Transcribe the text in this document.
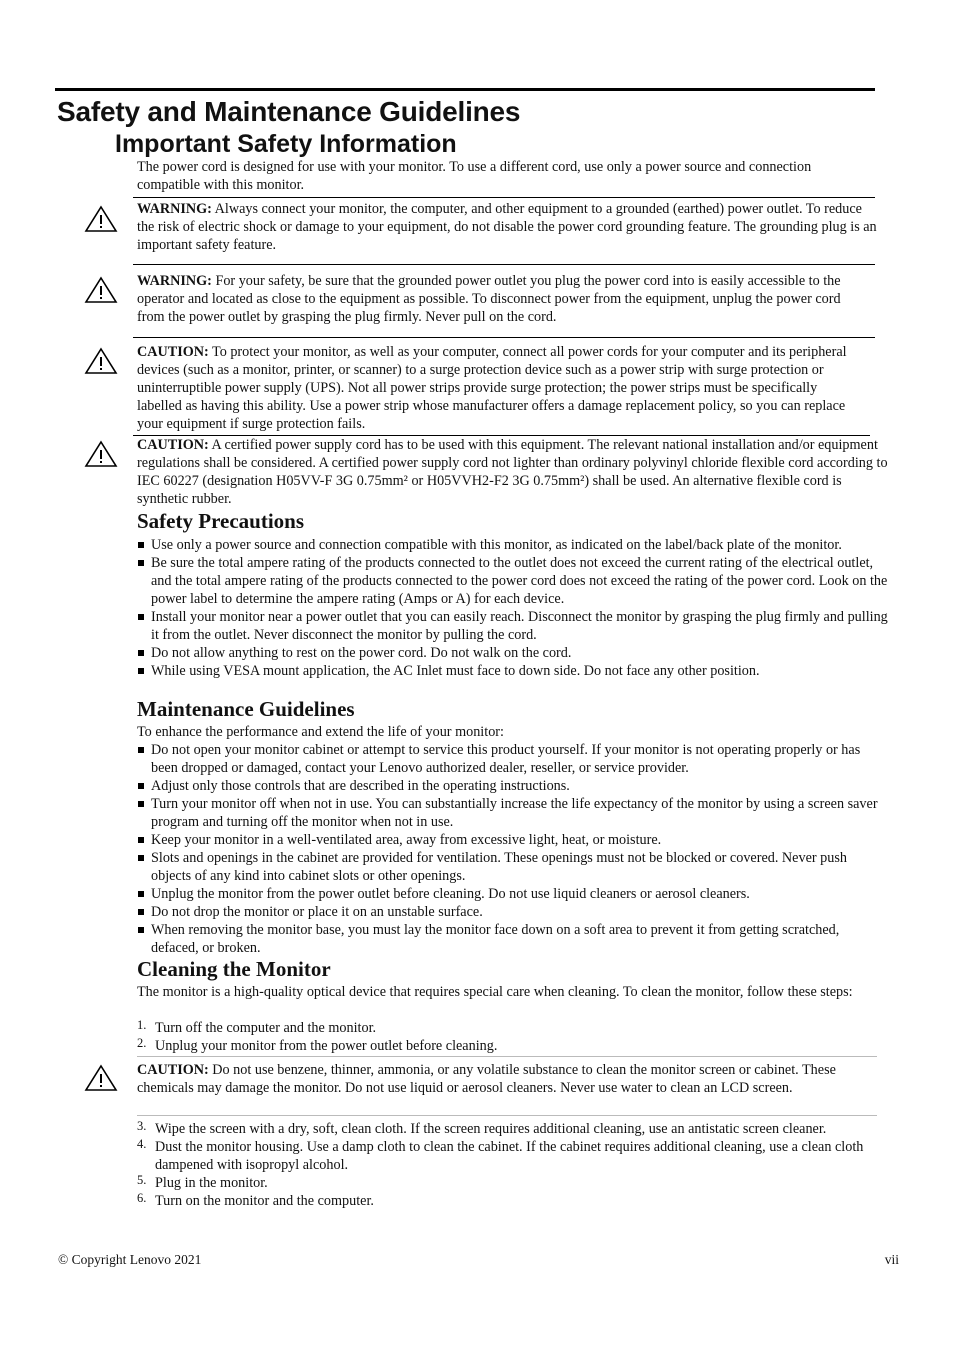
Safety and Maintenance Guidelines
Important Safety Information
The power cord is designed for use with your monitor. To use a different cord, use only a power source and connection compatible with this monitor.
WARNING: Always connect your monitor, the computer, and other equipment to a grounded (earthed) power outlet. To reduce the risk of electric shock or damage to your equipment, do not disable the power cord grounding feature. The grounding plug is an important safety feature.
WARNING: For your safety, be sure that the grounded power outlet you plug the power cord into is easily accessible to the operator and located as close to the equipment as possible. To disconnect power from the equipment, unplug the power cord from the power outlet by grasping the plug firmly. Never pull on the cord.
CAUTION: To protect your monitor, as well as your computer, connect all power cords for your computer and its peripheral devices (such as a monitor, printer, or scanner) to a surge protection device such as a power strip with surge protection or uninterruptible power supply (UPS). Not all power strips provide surge protection; the power strips must be specifically labelled as having this ability. Use a power strip whose manufacturer offers a damage replacement policy, so you can replace your equipment if surge protection fails.
CAUTION: A certified power supply cord has to be used with this equipment. The relevant national installation and/or equipment regulations shall be considered. A certified power supply cord not lighter than ordinary polyvinyl chloride flexible cord according to IEC 60227 (designation H05VV-F 3G 0.75mm² or H05VVH2-F2 3G 0.75mm²) shall be used. An alternative flexible cord is synthetic rubber.
Safety Precautions
Use only a power source and connection compatible with this monitor, as indicated on the label/back plate of the monitor.
Be sure the total ampere rating of the products connected to the outlet does not exceed the current rating of the electrical outlet, and the total ampere rating of the products connected to the power cord does not exceed the rating of the power cord. Look on the power label to determine the ampere rating (Amps or A) for each device.
Install your monitor near a power outlet that you can easily reach. Disconnect the monitor by grasping the plug firmly and pulling it from the outlet. Never disconnect the monitor by pulling the cord.
Do not allow anything to rest on the power cord. Do not walk on the cord.
While using VESA mount application, the AC Inlet must face to down side. Do not face any other position.
Maintenance Guidelines
To enhance the performance and extend the life of your monitor:
Do not open your monitor cabinet or attempt to service this product yourself. If your monitor is not operating properly or has been dropped or damaged, contact your Lenovo authorized dealer, reseller, or service provider.
Adjust only those controls that are described in the operating instructions.
Turn your monitor off when not in use. You can substantially increase the life expectancy of the monitor by using a screen saver program and turning off the monitor when not in use.
Keep your monitor in a well-ventilated area, away from excessive light, heat, or moisture.
Slots and openings in the cabinet are provided for ventilation. These openings must not be blocked or covered. Never push objects of any kind into cabinet slots or other openings.
Unplug the monitor from the power outlet before cleaning. Do not use liquid cleaners or aerosol cleaners.
Do not drop the monitor or place it on an unstable surface.
When removing the monitor base, you must lay the monitor face down on a soft area to prevent it from getting scratched, defaced, or broken.
Cleaning the Monitor
The monitor is a high-quality optical device that requires special care when cleaning. To clean the monitor, follow these steps:
1. Turn off the computer and the monitor.
2. Unplug your monitor from the power outlet before cleaning.
CAUTION: Do not use benzene, thinner, ammonia, or any volatile substance to clean the monitor screen or cabinet. These chemicals may damage the monitor. Do not use liquid or aerosol cleaners. Never use water to clean an LCD screen.
3. Wipe the screen with a dry, soft, clean cloth. If the screen requires additional cleaning, use an antistatic screen cleaner.
4. Dust the monitor housing. Use a damp cloth to clean the cabinet. If the cabinet requires additional cleaning, use a clean cloth dampened with isopropyl alcohol.
5. Plug in the monitor.
6. Turn on the monitor and the computer.
© Copyright Lenovo 2021	vii
